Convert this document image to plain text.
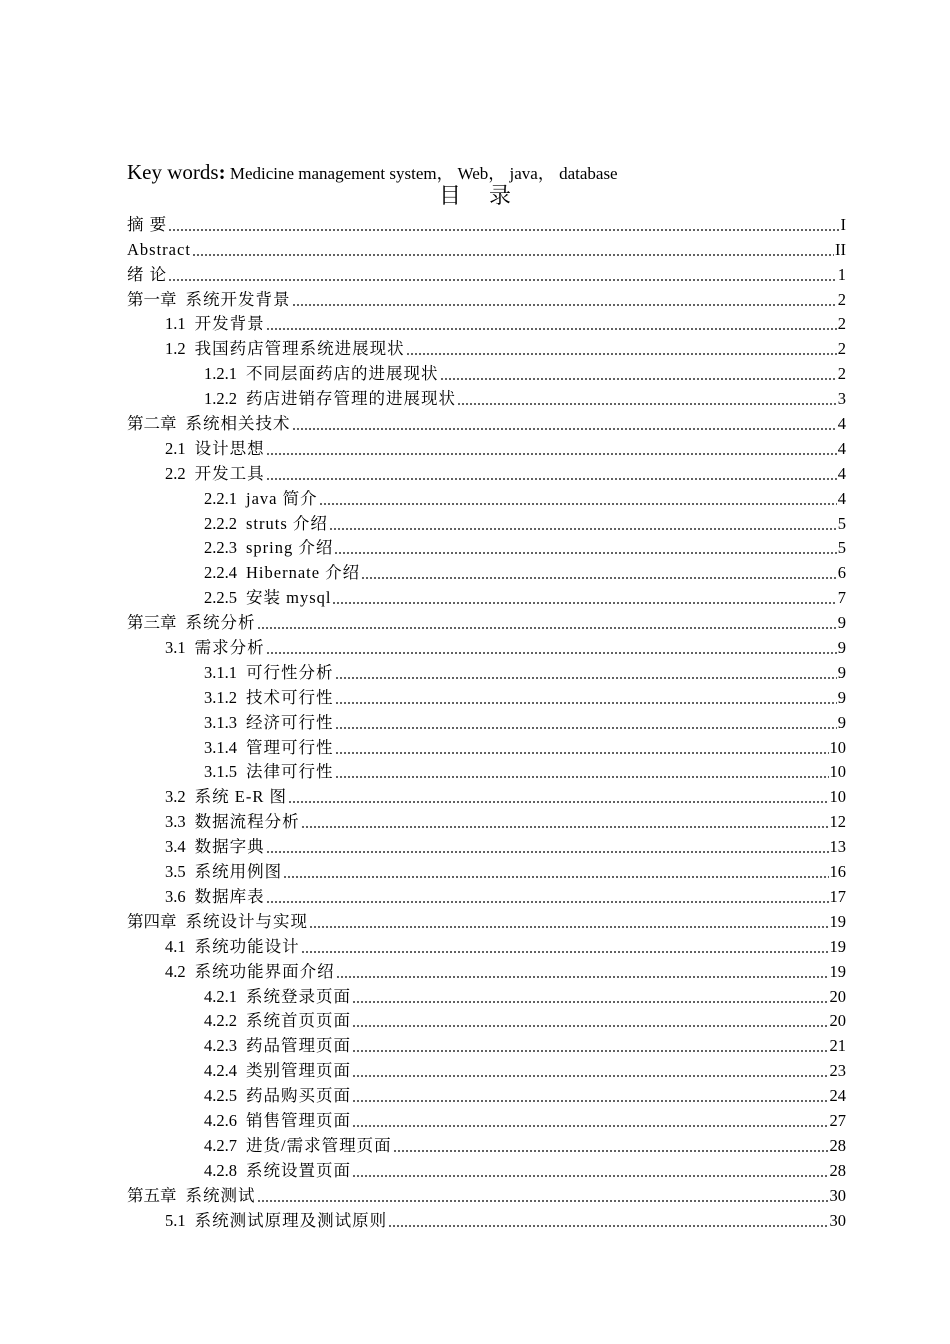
Key words: Medicine management system， Web， java， database
目录
摘 要	I
Abstract	II
绪 论	1
第一章 系统开发背景	2
1.1 开发背景	2
1.2 我国药店管理系统进展现状	2
1.2.1 不同层面药店的进展现状	2
1.2.2 药店进销存管理的进展现状	3
第二章 系统相关技术	4
2.1 设计思想	4
2.2 开发工具	4
2.2.1 java 简介	4
2.2.2 struts 介绍	5
2.2.3 spring 介绍	5
2.2.4 Hibernate 介绍	6
2.2.5 安装 mysql	7
第三章 系统分析	9
3.1 需求分析	9
3.1.1 可行性分析	9
3.1.2 技术可行性	9
3.1.3 经济可行性	9
3.1.4 管理可行性	10
3.1.5 法律可行性	10
3.2 系统 E-R 图	10
3.3 数据流程分析	12
3.4 数据字典	13
3.5 系统用例图	16
3.6 数据库表	17
第四章 系统设计与实现	19
4.1 系统功能设计	19
4.2 系统功能界面介绍	19
4.2.1 系统登录页面	20
4.2.2 系统首页页面	20
4.2.3 药品管理页面	21
4.2.4 类别管理页面	23
4.2.5 药品购买页面	24
4.2.6 销售管理页面	27
4.2.7 进货/需求管理页面	28
4.2.8 系统设置页面	28
第五章 系统测试	30
5.1 系统测试原理及测试原则	30
